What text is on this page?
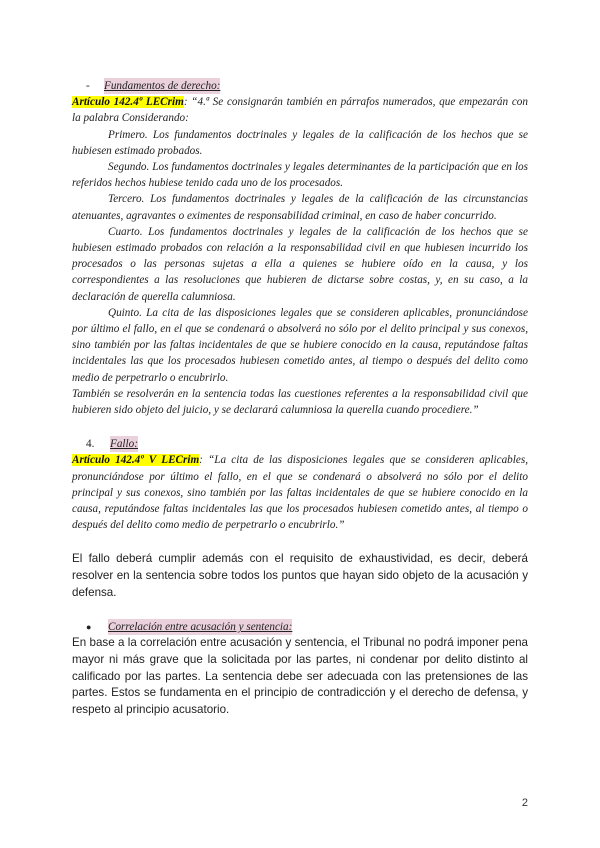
-	Fundamentos de derecho:

Artículo 142.4º LECrim: “4.ª Se consignarán también en párrafos numerados, que empezarán con la palabra Considerando:

Primero. Los fundamentos doctrinales y legales de la calificación de los hechos que se hubiesen estimado probados.

Segundo. Los fundamentos doctrinales y legales determinantes de la participación que en los referidos hechos hubiese tenido cada uno de los procesados.

Tercero. Los fundamentos doctrinales y legales de la calificación de las circunstancias atenuantes, agravantes o eximentes de responsabilidad criminal, en caso de haber concurrido.

Cuarto. Los fundamentos doctrinales y legales de la calificación de los hechos que se hubiesen estimado probados con relación a la responsabilidad civil en que hubiesen incurrido los procesados o las personas sujetas a ella a quienes se hubiere oído en la causa, y los correspondientes a las resoluciones que hubieren de dictarse sobre costas, y, en su caso, a la declaración de querella calumniosa.

Quinto. La cita de las disposiciones legales que se consideren aplicables, pronunciándose por último el fallo, en el que se condenará o absolverá no sólo por el delito principal y sus conexos, sino también por las faltas incidentales de que se hubiere conocido en la causa, reputándose faltas incidentales las que los procesados hubiesen cometido antes, al tiempo o después del delito como medio de perpetrarlo o encubrirlo.

También se resolverán en la sentencia todas las cuestiones referentes a la responsabilidad civil que hubieren sido objeto del juicio, y se declarará calumniosa la querella cuando procediere.”

4.	Fallo:

Artículo 142.4º V LECrim: “La cita de las disposiciones legales que se consideren aplicables, pronunciándose por último el fallo, en el que se condenará o absolverá no sólo por el delito principal y sus conexos, sino también por las faltas incidentales de que se hubiere conocido en la causa, reputándose faltas incidentales las que los procesados hubiesen cometido antes, al tiempo o después del delito como medio de perpetrarlo o encubrirlo.”

El fallo deberá cumplir además con el requisito de exhaustividad, es decir, deberá resolver en la sentencia sobre todos los puntos que hayan sido objeto de la acusación y defensa.

●	Correlación entre acusación y sentencia:

En base a la correlación entre acusación y sentencia, el Tribunal no podrá imponer pena mayor ni más grave que la solicitada por las partes, ni condenar por delito distinto al calificado por las partes. La sentencia debe ser adecuada con las pretensiones de las partes. Estos se fundamenta en el principio de contradicción y el derecho de defensa, y respeto al principio acusatorio.

2
